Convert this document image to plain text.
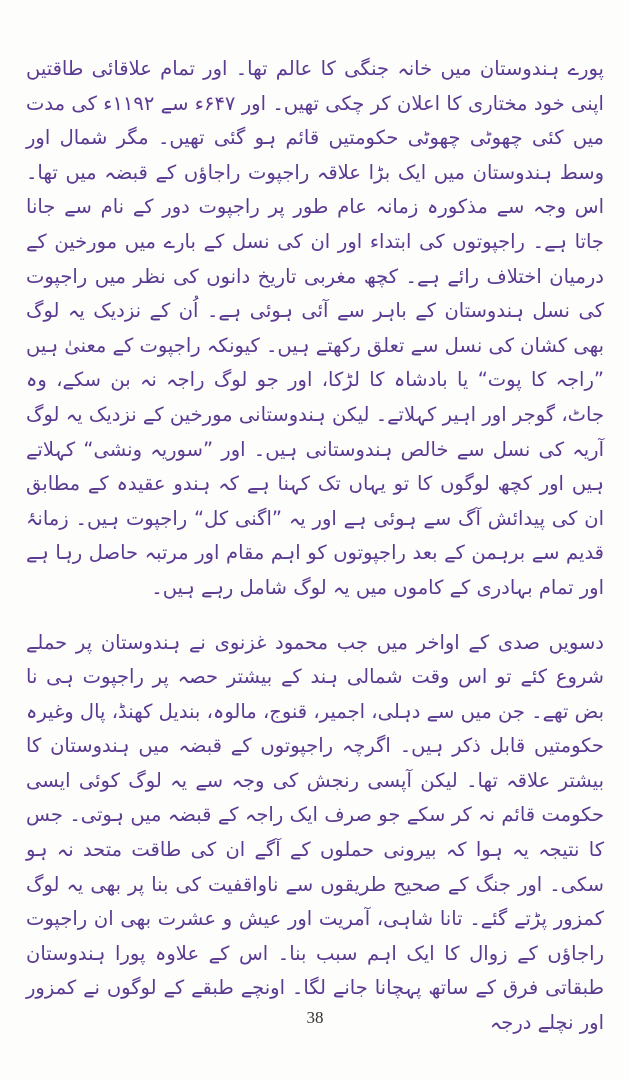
پورے ہندوستان میں خانہ جنگی کا عالم تھا۔ اور تمام علاقائی طاقتیں اپنی خود مختاری کا اعلان کر چکی تھیں۔ اور ۶۴۷ء سے ۱۱۹۲ء کی مدت میں کئی چھوٹی چھوٹی حکومتیں قائم ہو گئی تھیں۔ مگر شمال اور وسط ہندوستان میں ایک بڑا علاقہ راجپوت راجاؤں کے قبضہ میں تھا۔ اس وجہ سے مذکورہ زمانہ عام طور پر راجپوت دور کے نام سے جانا جاتا ہے۔ راجپوتوں کی ابتداء اور ان کی نسل کے بارے میں مورخین کے درمیان اختلاف رائے ہے۔ کچھ مغربی تاریخ دانوں کی نظر میں راجپوت کی نسل ہندوستان کے باہر سے آئی ہوئی ہے۔ اُن کے نزدیک یہ لوگ بھی کشان کی نسل سے تعلق رکھتے ہیں۔ کیونکہ راجپوت کے معنیٰ ہیں ”راجہ کا پوت“ یا بادشاہ کا لڑکا، اور جو لوگ راجہ نہ بن سکے، وہ جاٹ، گوجر اور اہیر کہلاتے۔ لیکن ہندوستانی مورخین کے نزدیک یہ لوگ آریہ کی نسل سے خالص ہندوستانی ہیں۔ اور ”سوریہ ونشی“ کہلاتے ہیں اور کچھ لوگوں کا تو یہاں تک کہنا ہے کہ ہندو عقیدہ کے مطابق ان کی پیدائش آگ سے ہوئی ہے اور یہ ”اگنی کل“ راجپوت ہیں۔ زمانۂ قدیم سے برہمن کے بعد راجپوتوں کو اہم مقام اور مرتبہ حاصل رہا ہے اور تمام بہادری کے کاموں میں یہ لوگ شامل رہے ہیں۔

دسویں صدی کے اواخر میں جب محمود غزنوی نے ہندوستان پر حملے شروع کئے تو اس وقت شمالی ہند کے بیشتر حصہ پر راجپوت ہی نا بض تھے۔ جن میں سے دہلی، اجمیر، قنوج، مالوہ، بندیل کھنڈ، پال وغیرہ حکومتیں قابل ذکر ہیں۔ اگرچہ راجپوتوں کے قبضہ میں ہندوستان کا بیشتر علاقہ تھا۔ لیکن آپسی رنجش کی وجہ سے یہ لوگ کوئی ایسی حکومت قائم نہ کر سکے جو صرف ایک راجہ کے قبضہ میں ہوتی۔ جس کا نتیجہ یہ ہوا کہ بیرونی حملوں کے آگے ان کی طاقت متحد نہ ہو سکی۔ اور جنگ کے صحیح طریقوں سے ناواقفیت کی بنا پر بھی یہ لوگ کمزور پڑتے گئے۔ تانا شاہی، آمریت اور عیش و عشرت بھی ان راجپوت راجاؤں کے زوال کا ایک اہم سبب بنا۔ اس کے علاوہ پورا ہندوستان طبقاتی فرق کے ساتھ پہچانا جانے لگا۔ اونچے طبقے کے لوگوں نے کمزور اور نچلے درجہ

38
